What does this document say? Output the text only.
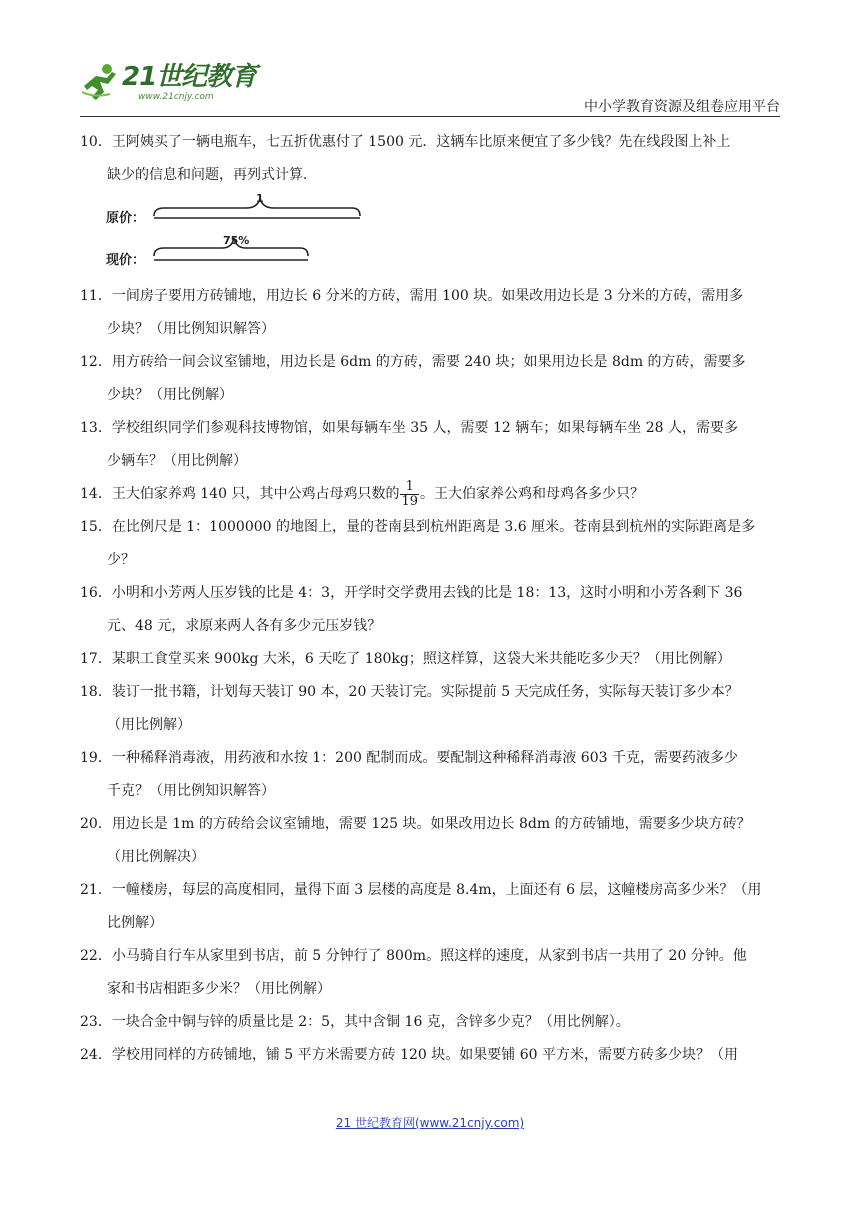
21世纪教育
www.21cnjy.com
中小学教育资源及组卷应用平台

10．王阿姨买了一辆电瓶车，七五折优惠付了 1500 元．这辆车比原来便宜了多少钱？先在线段图上补上

缺少的信息和问题，再列式计算．

原价：
现价：
1
75%

11．一间房子要用方砖铺地，用边长 6 分米的方砖，需用 100 块。如果改用边长是 3 分米的方砖，需用多

少块？（用比例知识解答）

12．用方砖给一间会议室铺地，用边长是 6dm 的方砖，需要 240 块；如果用边长是 8dm 的方砖，需要多

少块？（用比例解）

13．学校组织同学们参观科技博物馆，如果每辆车坐 35 人，需要 12 辆车；如果每辆车坐 28 人，需要多

少辆车？（用比例解）

14．王大伯家养鸡 140 只，其中公鸡占母鸡只数的 $\frac{1}{19}$ 。王大伯家养公鸡和母鸡各多少只？

15．在比例尺是 1：1000000 的地图上，量的苍南县到杭州距离是 3.6 厘米。苍南县到杭州的实际距离是多

少？

16．小明和小芳两人压岁钱的比是 4：3，开学时交学费用去钱的比是 18：13，这时小明和小芳各剩下 36

元、48 元，求原来两人各有多少元压岁钱？

17．某职工食堂买来 900kg 大米，6 天吃了 180kg；照这样算，这袋大米共能吃多少天？（用比例解）

18．装订一批书籍，计划每天装订 90 本，20 天装订完。实际提前 5 天完成任务，实际每天装订多少本？

（用比例解）

19．一种稀释消毒液，用药液和水按 1：200 配制而成。要配制这种稀释消毒液 603 千克，需要药液多少

千克？（用比例知识解答）

20．用边长是 1m 的方砖给会议室铺地，需要 125 块。如果改用边长 8dm 的方砖铺地，需要多少块方砖？

（用比例解决）

21．一幢楼房，每层的高度相同，量得下面 3 层楼的高度是 8.4m，上面还有 6 层，这幢楼房高多少米？（用

比例解）

22．小马骑自行车从家里到书店，前 5 分钟行了 800m。照这样的速度，从家到书店一共用了 20 分钟。他

家和书店相距多少米？（用比例解）

23．一块合金中铜与锌的质量比是 2：5，其中含铜 16 克，含锌多少克？（用比例解）。

24．学校用同样的方砖铺地，铺 5 平方米需要方砖 120 块。如果要铺 60 平方米，需要方砖多少块？（用

21 世纪教育网(www.21cnjy.com)
